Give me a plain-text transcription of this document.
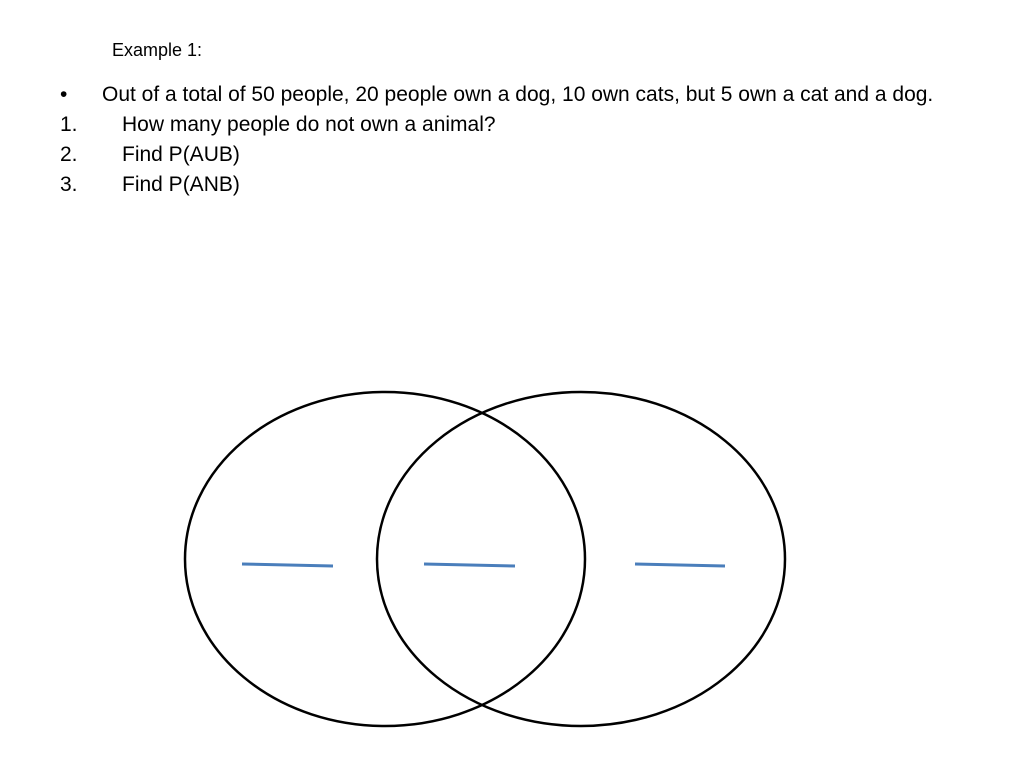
Example 1:

• Out of a total of 50 people, 20 people own a dog, 10 own cats, but 5 own a cat and a dog.

1. How many people do not own a animal?

2. Find P(AUB)

3. Find P(ANB)
